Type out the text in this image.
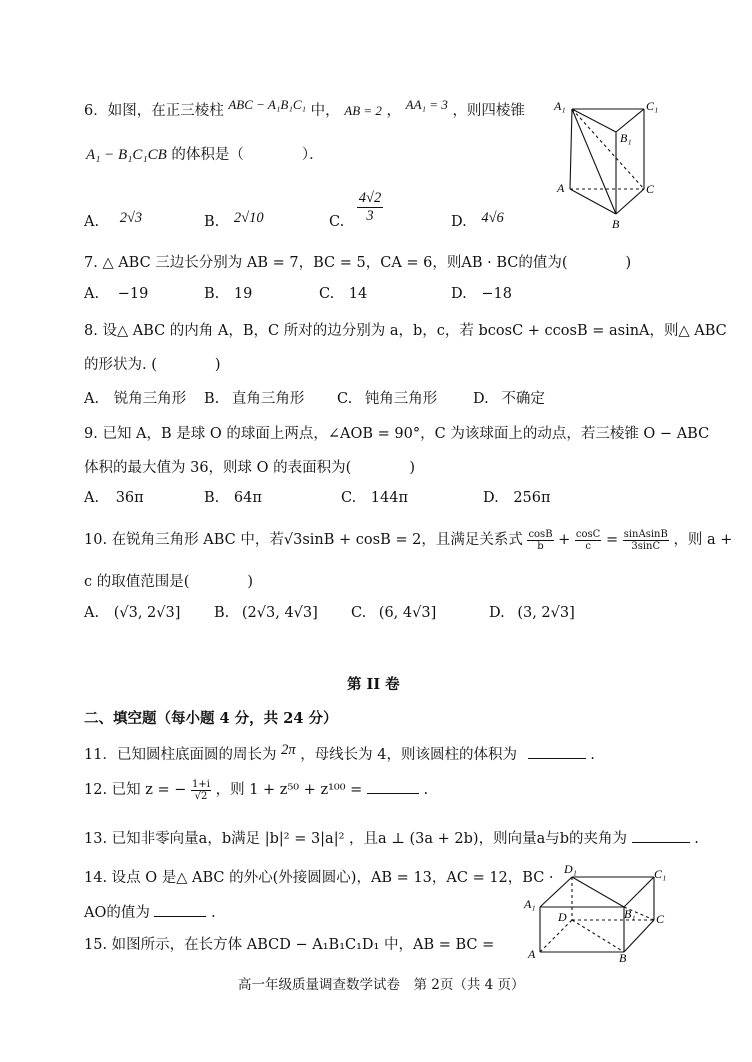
6．如图，在正三棱柱 ABC − A₁B₁C₁ 中， AB = 2 ， AA₁ = 3 ，则四棱锥
A₁ − B₁C₁CB 的体积是（　　　　）．
A. 2√3	B. 2√10	C. $\frac{4√2}{3}$	D. 4√6
A₁	C₁
B₁
A	C
B
7. △ ABC 三边长分别为 AB = 7，BC = 5，CA = 6，则AB · BC的值为(　　　　)
A. −19	B. 19	C. 14	D. −18
8. 设△ ABC 的内角 A，B，C 所对的边分别为 a，b，c，若 bcosC + ccosB = asinA，则△ ABC
的形状为. (　　　　)
A. 锐角三角形 B. 直角三角形 C. 钝角三角形 D. 不确定
9. 已知 A，B 是球 O 的球面上两点，∠AOB = 90°，C 为该球面上的动点，若三棱锥 O − ABC
体积的最大值为 36，则球 O 的表面积为(　　　　)
A. 36π	B. 64π	C. 144π	D. 256π
10. 在锐角三角形 ABC 中，若√3sinB + cosB = 2，且满足关系式 $\frac{\cos B}{b} + \frac{\cos C}{c} = \frac{\text{sinAsinB}}{3\sin C}$ ，则 a +
c 的取值范围是(　　　　)
A. (√3, 2√3] B. (2√3, 4√3] C. (6, 4√3]	D. (3, 2√3]
第 II 卷
二、填空题（每小题 4 分，共 24 分）
11．已知圆柱底面圆的周长为 2π ，母线长为 4，则该圆柱的体积为	.
12. 已知 z = − $\frac{1+i}{√2}$ ，则 1 + z⁵⁰ + z¹⁰⁰ =	.
13. 已知非零向量a，b满足 |b|² = 3|a|² ，且a ⊥ (3a + 2b)，则向量a与b的夹角为	.
14. 设点 O 是△ ABC 的外心(外接圆圆心)，AB = 13，AC = 12，BC ·
AO的值为	.
15. 如图所示，在长方体 ABCD − A₁B₁C₁D₁ 中，AB = BC =
D₁	C₁
A₁
D	B₁ C
A	B
高一年级质量调查数学试卷　第 2页（共 4 页）
